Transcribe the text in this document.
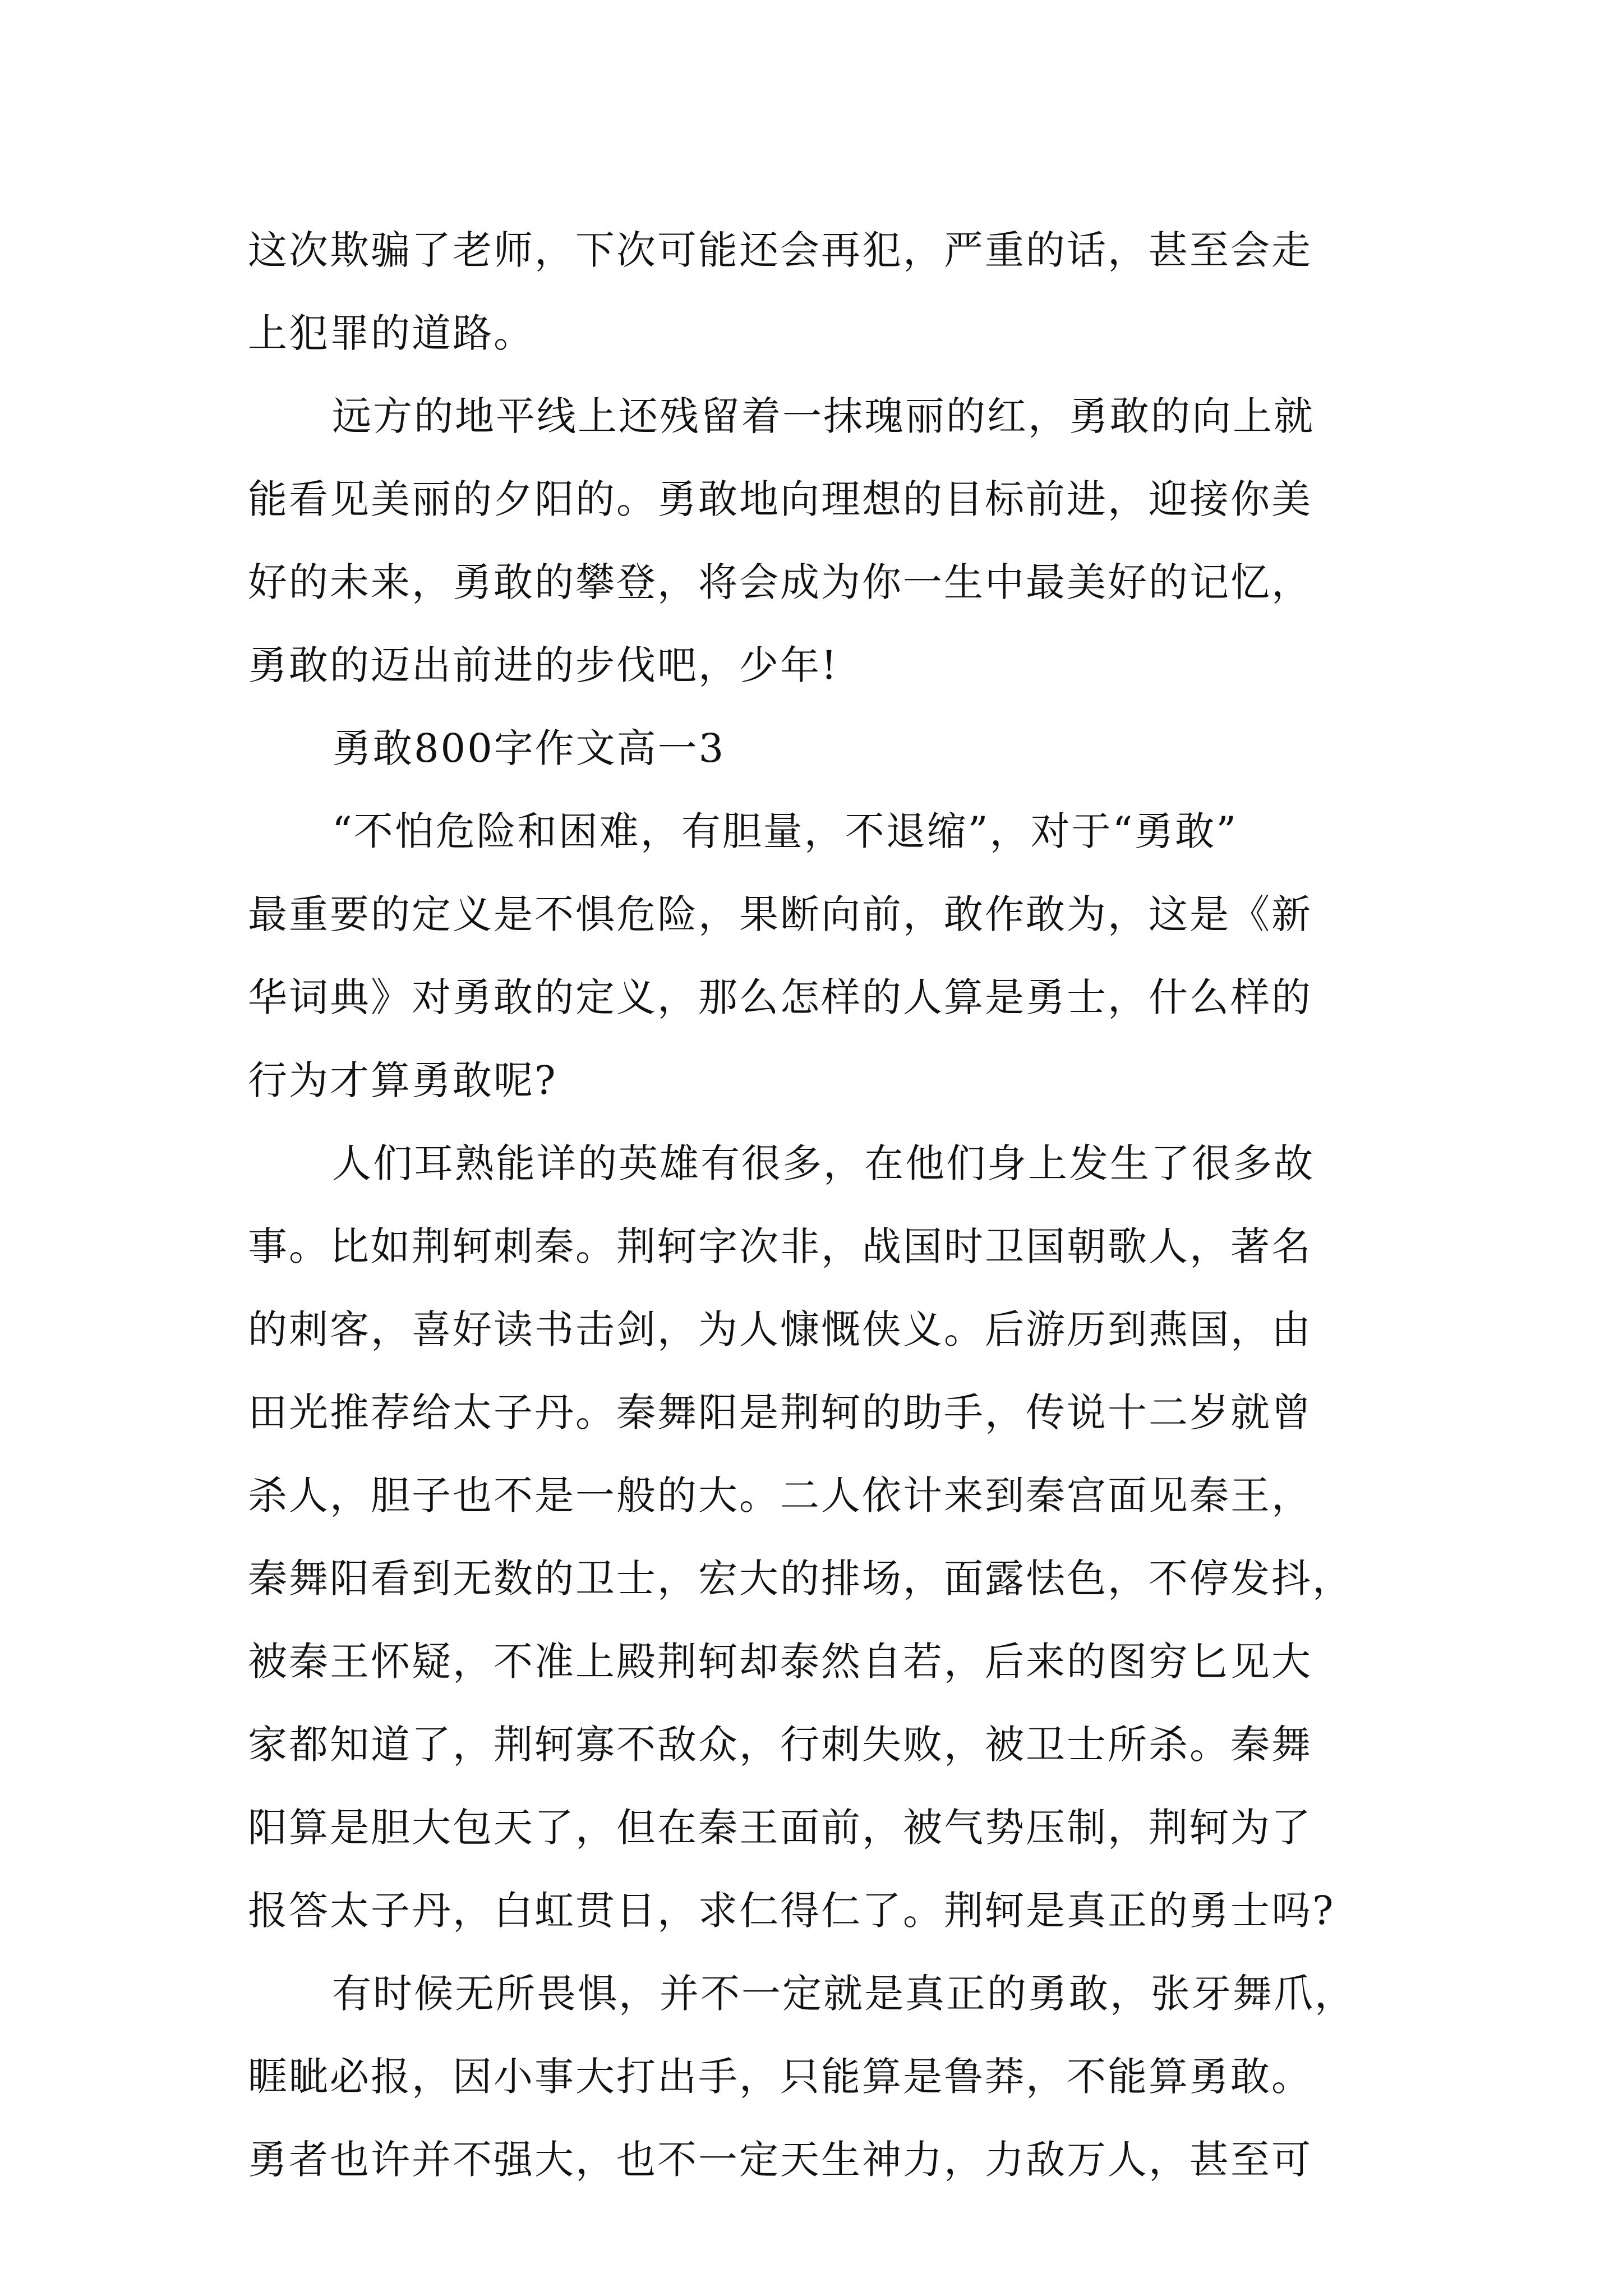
这次欺骗了老师，下次可能还会再犯，严重的话，甚至会走
上犯罪的道路。
远方的地平线上还残留着一抹瑰丽的红，勇敢的向上就
能看见美丽的夕阳的。勇敢地向理想的目标前进，迎接你美
好的未来，勇敢的攀登，将会成为你一生中最美好的记忆，
勇敢的迈出前进的步伐吧，少年!
勇敢800字作文高一3
“不怕危险和困难，有胆量，不退缩”，对于“勇敢”
最重要的定义是不惧危险，果断向前，敢作敢为，这是《新
华词典》对勇敢的定义，那么怎样的人算是勇士，什么样的
行为才算勇敢呢?
人们耳熟能详的英雄有很多，在他们身上发生了很多故
事。比如荆轲刺秦。荆轲字次非，战国时卫国朝歌人，著名
的刺客，喜好读书击剑，为人慷慨侠义。后游历到燕国，由
田光推荐给太子丹。秦舞阳是荆轲的助手，传说十二岁就曾
杀人，胆子也不是一般的大。二人依计来到秦宫面见秦王，
秦舞阳看到无数的卫士，宏大的排场，面露怯色，不停发抖，
被秦王怀疑，不准上殿荆轲却泰然自若，后来的图穷匕见大
家都知道了，荆轲寡不敌众，行刺失败，被卫士所杀。秦舞
阳算是胆大包天了，但在秦王面前，被气势压制，荆轲为了
报答太子丹，白虹贯日，求仁得仁了。荆轲是真正的勇士吗?
有时候无所畏惧，并不一定就是真正的勇敢，张牙舞爪，
睚眦必报，因小事大打出手，只能算是鲁莽，不能算勇敢。
勇者也许并不强大，也不一定天生神力，力敌万人，甚至可
